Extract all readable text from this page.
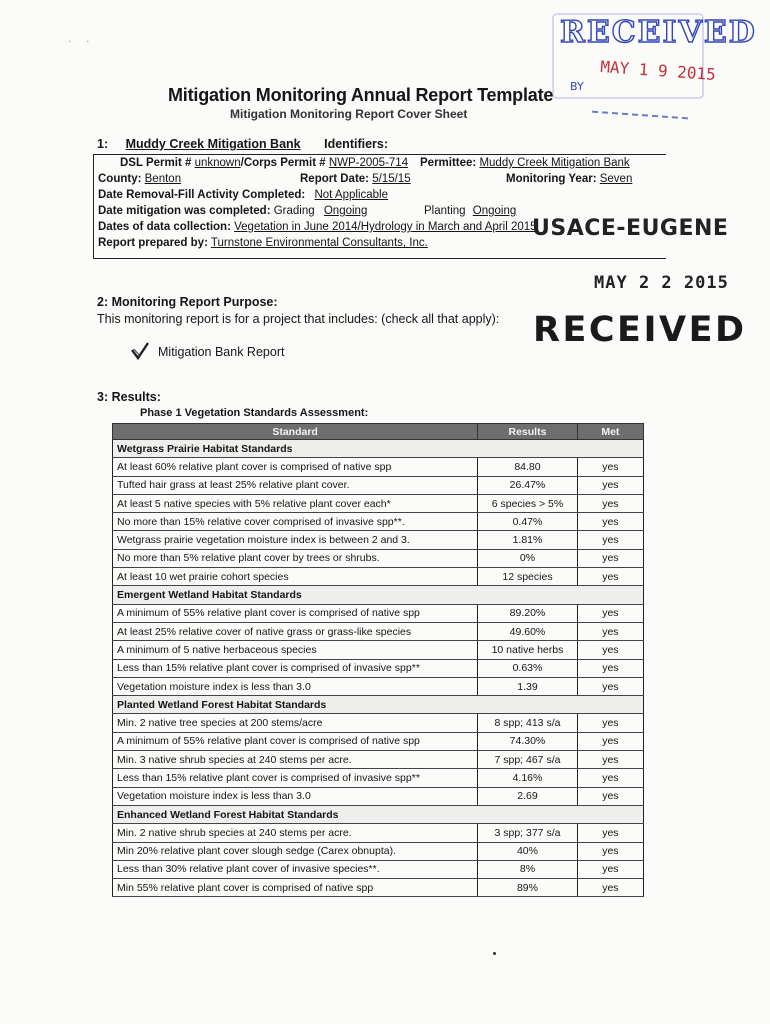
RECEIVED
MAY 1 9 2015
BY
· ·
Mitigation Monitoring Annual Report Template
Mitigation Monitoring Report Cover Sheet
1: Muddy Creek Mitigation Bank Identifiers:
DSL Permit # unknown/Corps Permit # NWP-2005-714 Permittee: Muddy Creek Mitigation Bank
County: Benton	Report Date: 5/15/15	Monitoring Year: Seven
Date Removal-Fill Activity Completed: Not Applicable
Date mitigation was completed: Grading Ongoing	Planting Ongoing
Dates of data collection: Vegetation in June 2014/Hydrology in March and April 2015
Report prepared by: Turnstone Environmental Consultants, Inc.
USACE-EUGENE
MAY 2 2 2015
RECEIVED
2: Monitoring Report Purpose:
This monitoring report is for a project that includes: (check all that apply):
Mitigation Bank Report
3: Results:
Phase 1 Vegetation Standards Assessment:
Standard	Results	Met
Wetgrass Prairie Habitat Standards		
At least 60% relative plant cover is comprised of native spp	84.80	yes
Tufted hair grass at least 25% relative plant cover.	26.47%	yes
At least 5 native species with 5% relative plant cover each*	6 species > 5%	yes
No more than 15% relative cover comprised of invasive spp**.	0.47%	yes
Wetgrass prairie vegetation moisture index is between 2 and 3.	1.81%	yes
No more than 5% relative plant cover by trees or shrubs.	0%	yes
At least 10 wet prairie cohort species	12 species	yes
Emergent Wetland Habitat Standards		
A minimum of 55% relative plant cover is comprised of native spp	89.20%	yes
At least 25% relative cover of native grass or grass-like species	49.60%	yes
A minimum of 5 native herbaceous species	10 native herbs	yes
Less than 15% relative plant cover is comprised of invasive spp**	0.63%	yes
Vegetation moisture index is less than 3.0	1.39	yes
Planted Wetland Forest Habitat Standards		
Min. 2 native tree species at 200 stems/acre	8 spp; 413 s/a	yes
A minimum of 55% relative plant cover is comprised of native spp	74.30%	yes
Min. 3 native shrub species at 240 stems per acre.	7 spp; 467 s/a	yes
Less than 15% relative plant cover is comprised of invasive spp**	4.16%	yes
Vegetation moisture index is less than 3.0	2.69	yes
Enhanced Wetland Forest Habitat Standards		
Min. 2 native shrub species at 240 stems per acre.	3 spp; 377 s/a	yes
Min 20% relative plant cover slough sedge (Carex obnupta).	40%	yes
Less than 30% relative plant cover of invasive species**.	8%	yes
Min 55% relative plant cover is comprised of native spp	89%	yes
